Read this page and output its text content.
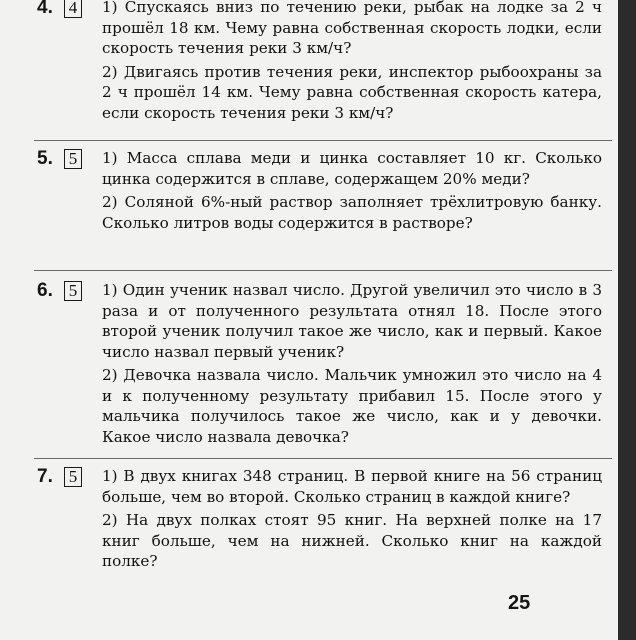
4. 4	1) Спускаясь вниз по течению реки, рыбак на лодке за 2 ч прошёл 18 км. Чему равна собственная скорость лодки, если скорость течения реки 3 км/ч?

2) Двигаясь против течения реки, инспектор рыбоохраны за 2 ч прошёл 14 км. Чему равна собственная скорость катера, если скорость течения реки 3 км/ч?

5. 5	1) Масса сплава меди и цинка составляет 10 кг. Сколько цинка содержится в сплаве, содержащем 20% меди?

2) Соляной 6%-ный раствор заполняет трёхлитровую банку. Сколько литров воды содержится в растворе?

6. 5	1) Один ученик назвал число. Другой увеличил это число в 3 раза и от полученного результата отнял 18. После этого второй ученик получил такое же число, как и первый. Какое число назвал первый ученик?

2) Девочка назвала число. Мальчик умножил это число на 4 и к полученному результату прибавил 15. После этого у мальчика получилось такое же число, как и у девочки. Какое число назвала девочка?

7. 5	1) В двух книгах 348 страниц. В первой книге на 56 страниц больше, чем во второй. Сколько страниц в каждой книге?

2) На двух полках стоят 95 книг. На верхней полке на 17 книг больше, чем на нижней. Сколько книг на каждой полке?

25
